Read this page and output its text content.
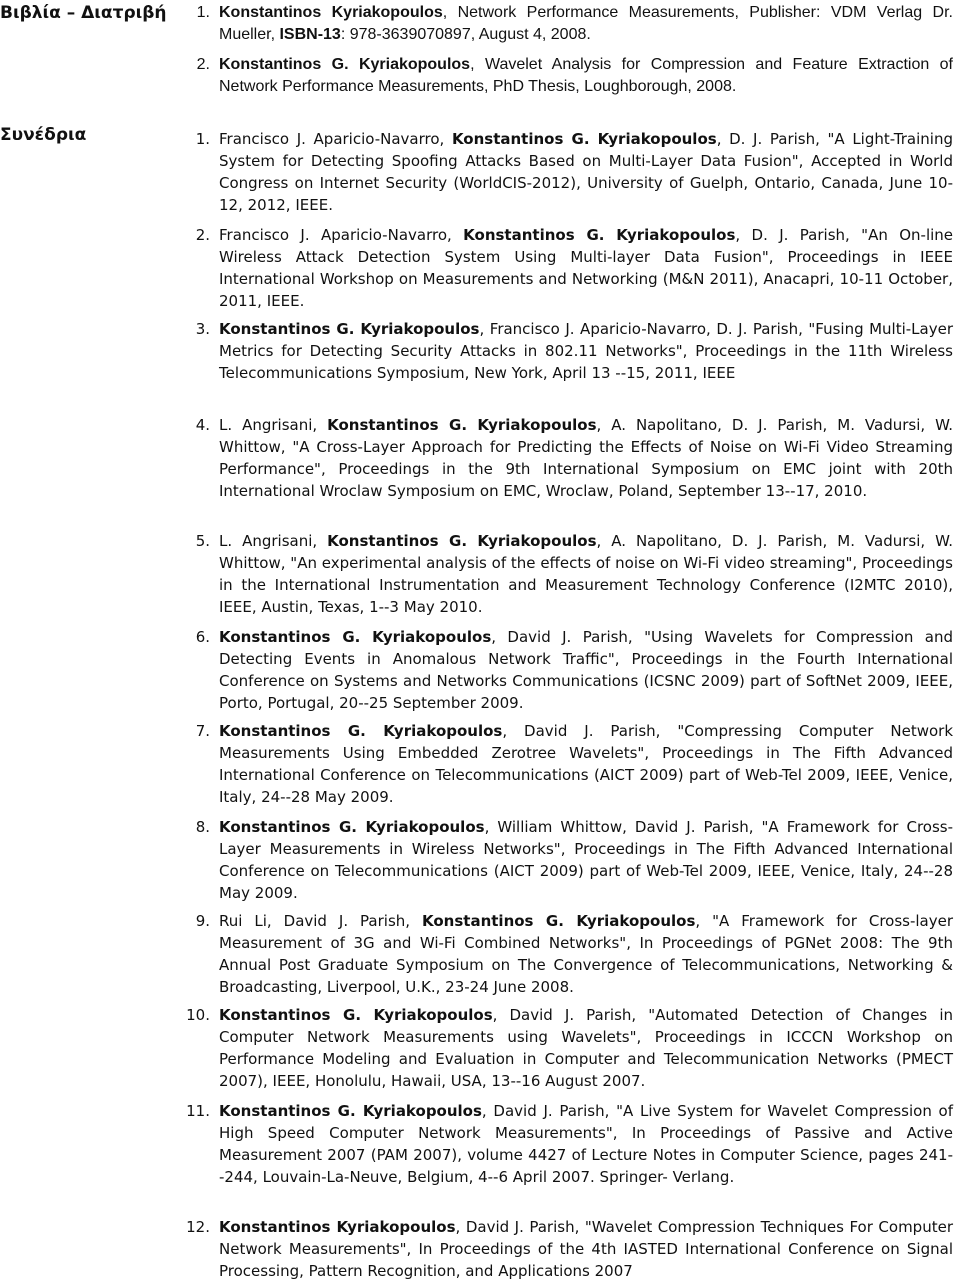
Βιβλία – Διατριβή	1. Konstantinos Kyriakopoulos, Network Performance Measurements, Publisher: VDM Verlag Dr. Mueller, ISBN-13: 978-3639070897, August 4, 2008.
2. Konstantinos G. Kyriakopoulos, Wavelet Analysis for Compression and Feature Extraction of Network Performance Measurements, PhD Thesis, Loughborough, 2008.
Συνέδρια	1. Francisco J. Aparicio-Navarro, Konstantinos G. Kyriakopoulos, D. J. Parish, "A Light-Training System for Detecting Spoofing Attacks Based on Multi-Layer Data Fusion", Accepted in World Congress on Internet Security (WorldCIS-2012), University of Guelph, Ontario, Canada, June 10-12, 2012, IEEE.
2. Francisco J. Aparicio-Navarro, Konstantinos G. Kyriakopoulos, D. J. Parish, "An On-line Wireless Attack Detection System Using Multi-layer Data Fusion", Proceedings in IEEE International Workshop on Measurements and Networking (M&N 2011), Anacapri, 10-11 October, 2011, IEEE.
3. Konstantinos G. Kyriakopoulos, Francisco J. Aparicio-Navarro, D. J. Parish, "Fusing Multi-Layer Metrics for Detecting Security Attacks in 802.11 Networks", Proceedings in the 11th Wireless Telecommunications Symposium, New York, April 13 --15, 2011, IEEE
4. L. Angrisani, Konstantinos G. Kyriakopoulos, A. Napolitano, D. J. Parish, M. Vadursi, W. Whittow, "A Cross-Layer Approach for Predicting the Effects of Noise on Wi-Fi Video Streaming Performance", Proceedings in the 9th International Symposium on EMC joint with 20th International Wroclaw Symposium on EMC, Wroclaw, Poland, September 13--17, 2010.
5. L. Angrisani, Konstantinos G. Kyriakopoulos, A. Napolitano, D. J. Parish, M. Vadursi, W. Whittow, "An experimental analysis of the effects of noise on Wi-Fi video streaming", Proceedings in the International Instrumentation and Measurement Technology Conference (I2MTC 2010), IEEE, Austin, Texas, 1--3 May 2010.
6. Konstantinos G. Kyriakopoulos, David J. Parish, "Using Wavelets for Compression and Detecting Events in Anomalous Network Traffic", Proceedings in the Fourth International Conference on Systems and Networks Communications (ICSNC 2009) part of SoftNet 2009, IEEE, Porto, Portugal, 20--25 September 2009.
7. Konstantinos G. Kyriakopoulos, David J. Parish, "Compressing Computer Network Measurements Using Embedded Zerotree Wavelets", Proceedings in The Fifth Advanced International Conference on Telecommunications (AICT 2009) part of Web-Tel 2009, IEEE, Venice, Italy, 24--28 May 2009.
8. Konstantinos G. Kyriakopoulos, William Whittow, David J. Parish, "A Framework for Cross-Layer Measurements in Wireless Networks", Proceedings in The Fifth Advanced International Conference on Telecommunications (AICT 2009) part of Web-Tel 2009, IEEE, Venice, Italy, 24--28 May 2009.
9. Rui Li, David J. Parish, Konstantinos G. Kyriakopoulos, "A Framework for Cross-layer Measurement of 3G and Wi-Fi Combined Networks", In Proceedings of PGNet 2008: The 9th Annual Post Graduate Symposium on The Convergence of Telecommunications, Networking & Broadcasting, Liverpool, U.K., 23-24 June 2008.
10. Konstantinos G. Kyriakopoulos, David J. Parish, "Automated Detection of Changes in Computer Network Measurements using Wavelets", Proceedings in ICCCN Workshop on Performance Modeling and Evaluation in Computer and Telecommunication Networks (PMECT 2007), IEEE, Honolulu, Hawaii, USA, 13--16 August 2007.
11. Konstantinos G. Kyriakopoulos, David J. Parish, "A Live System for Wavelet Compression of High Speed Computer Network Measurements", In Proceedings of Passive and Active Measurement 2007 (PAM 2007), volume 4427 of Lecture Notes in Computer Science, pages 241--244, Louvain-La-Neuve, Belgium, 4--6 April 2007. Springer- Verlang.
12. Konstantinos Kyriakopoulos, David J. Parish, "Wavelet Compression Techniques For Computer Network Measurements", In Proceedings of the 4th IASTED International Conference on Signal Processing, Pattern Recognition, and Applications 2007
